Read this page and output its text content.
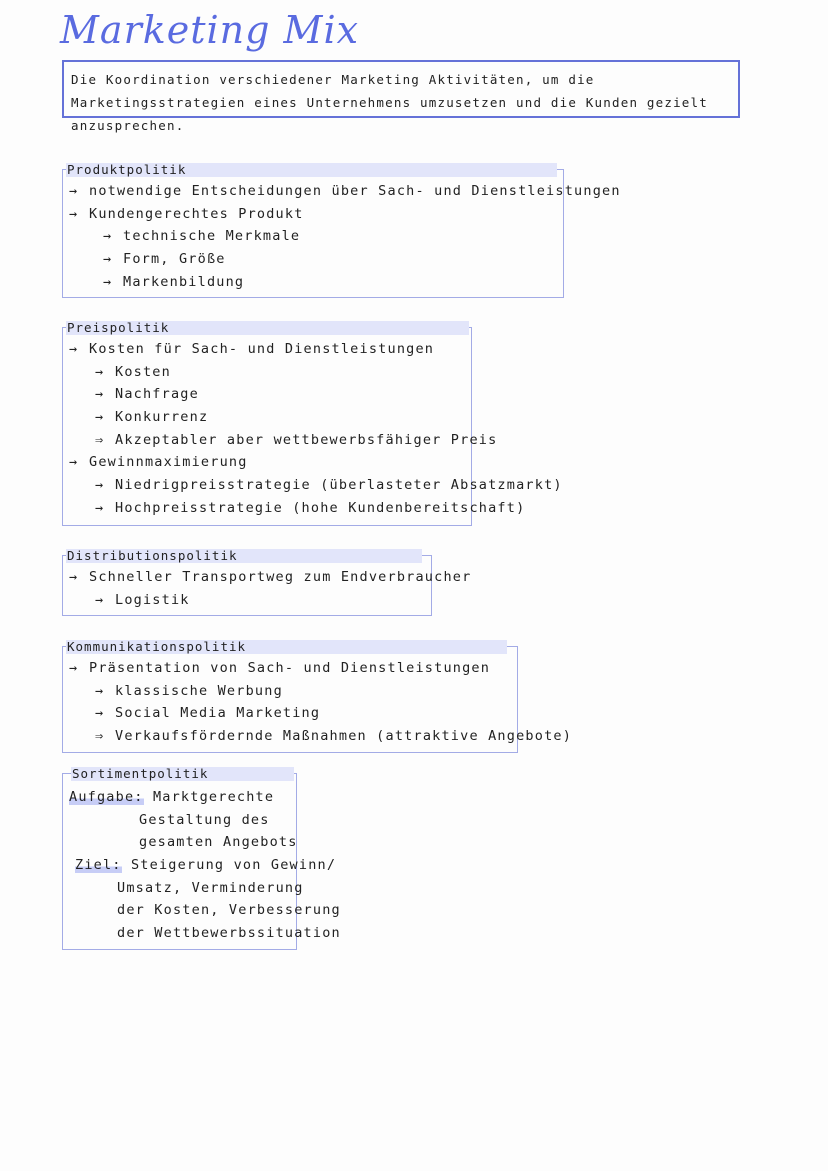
Marketing Mix
Die Koordination verschiedener Marketing Aktivitäten, um die Marketingsstrategien eines Unternehmens umzusetzen und die Kunden gezielt anzusprechen.
Produktpolitik
→ notwendige Entscheidungen über Sach- und Dienstleistungen
→ Kundengerechtes Produkt
→ technische Merkmale
→ Form, Größe
→ Markenbildung
Preispolitik
→ Kosten für Sach- und Dienstleistungen
→ Kosten
→ Nachfrage
→ Konkurrenz
⇒ Akzeptabler aber wettbewerbsfähiger Preis
→ Gewinnmaximierung
→ Niedrigpreisstrategie (überlasteter Absatzmarkt)
→ Hochpreisstrategie (hohe Kundenbereitschaft)
Distributionspolitik
→ Schneller Transportweg zum Endverbraucher
→ Logistik
Kommunikationspolitik
→ Präsentation von Sach- und Dienstleistungen
→ klassische Werbung
→ Social Media Marketing
⇒ Verkaufsfördernde Maßnahmen (attraktive Angebote)
Sortimentpolitik
Aufgabe: Marktgerechte
Gestaltung des
gesamten Angebots
Ziel: Steigerung von Gewinn/
Umsatz, Verminderung
der Kosten, Verbesserung
der Wettbewerbssituation
